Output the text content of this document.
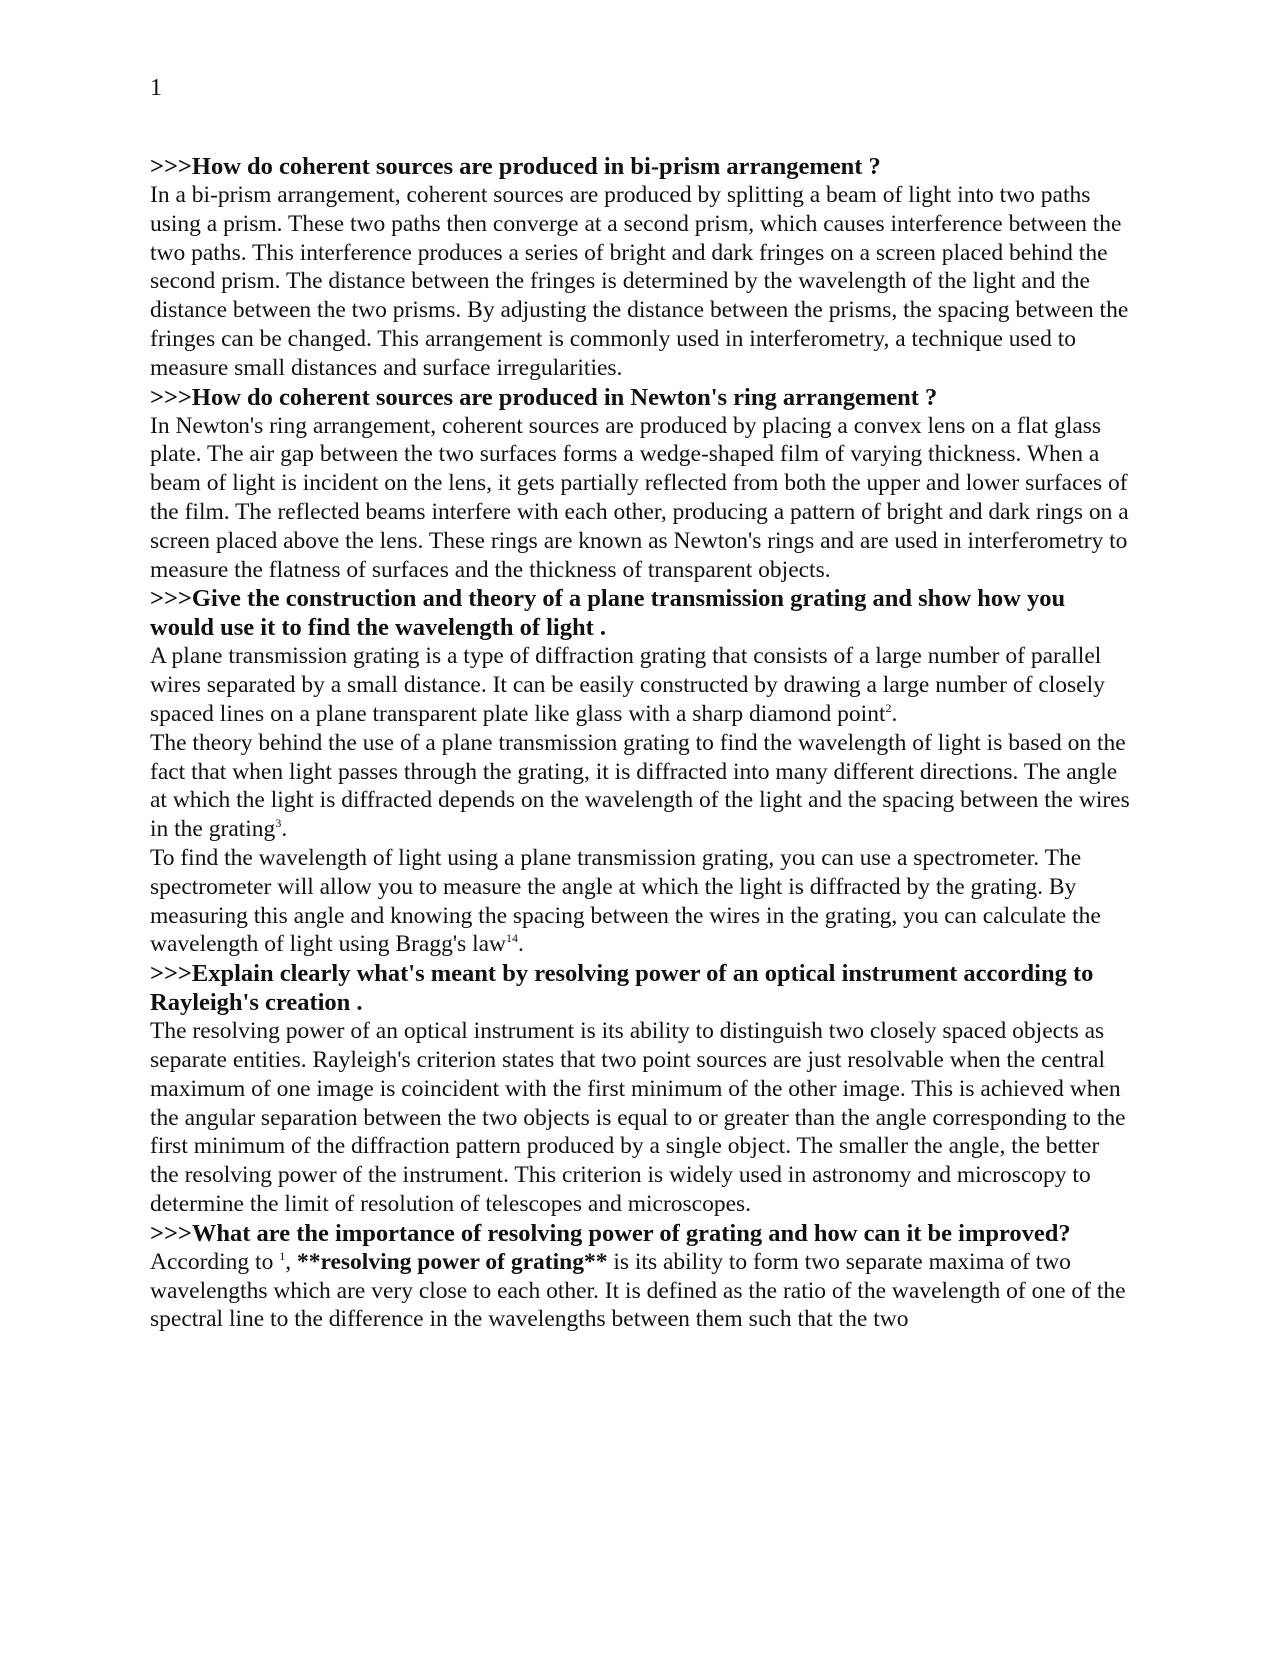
1

>>>How do coherent sources are produced in bi-prism arrangement ?

In a bi-prism arrangement, coherent sources are produced by splitting a beam of light into two paths using a prism. These two paths then converge at a second prism, which causes interference between the two paths. This interference produces a series of bright and dark fringes on a screen placed behind the second prism. The distance between the fringes is determined by the wavelength of the light and the distance between the two prisms. By adjusting the distance between the prisms, the spacing between the fringes can be changed. This arrangement is commonly used in interferometry, a technique used to measure small distances and surface irregularities.

>>>How do coherent sources are produced in Newton's ring arrangement ?

In Newton's ring arrangement, coherent sources are produced by placing a convex lens on a flat glass plate. The air gap between the two surfaces forms a wedge-shaped film of varying thickness. When a beam of light is incident on the lens, it gets partially reflected from both the upper and lower surfaces of the film. The reflected beams interfere with each other, producing a pattern of bright and dark rings on a screen placed above the lens. These rings are known as Newton's rings and are used in interferometry to measure the flatness of surfaces and the thickness of transparent objects.

>>>Give the construction and theory of a plane transmission grating and show how you would use it to find the wavelength of light .

A plane transmission grating is a type of diffraction grating that consists of a large number of parallel wires separated by a small distance. It can be easily constructed by drawing a large number of closely spaced lines on a plane transparent plate like glass with a sharp diamond point$^2$.

The theory behind the use of a plane transmission grating to find the wavelength of light is based on the fact that when light passes through the grating, it is diffracted into many different directions. The angle at which the light is diffracted depends on the wavelength of the light and the spacing between the wires in the grating$^3$.

To find the wavelength of light using a plane transmission grating, you can use a spectrometer. The spectrometer will allow you to measure the angle at which the light is diffracted by the grating. By measuring this angle and knowing the spacing between the wires in the grating, you can calculate the wavelength of light using Bragg's law$^{14}$.

>>>Explain clearly what's meant by resolving power of an optical instrument according to Rayleigh's creation .

The resolving power of an optical instrument is its ability to distinguish two closely spaced objects as separate entities. Rayleigh's criterion states that two point sources are just resolvable when the central maximum of one image is coincident with the first minimum of the other image. This is achieved when the angular separation between the two objects is equal to or greater than the angle corresponding to the first minimum of the diffraction pattern produced by a single object. The smaller the angle, the better the resolving power of the instrument. This criterion is widely used in astronomy and microscopy to determine the limit of resolution of telescopes and microscopes.

>>>What are the importance of resolving power of grating and how can it be improved?

According to $^1$, **resolving power of grating** is its ability to form two separate maxima of two wavelengths which are very close to each other. It is defined as the ratio of the wavelength of one of the spectral line to the difference in the wavelengths between them such that the two
